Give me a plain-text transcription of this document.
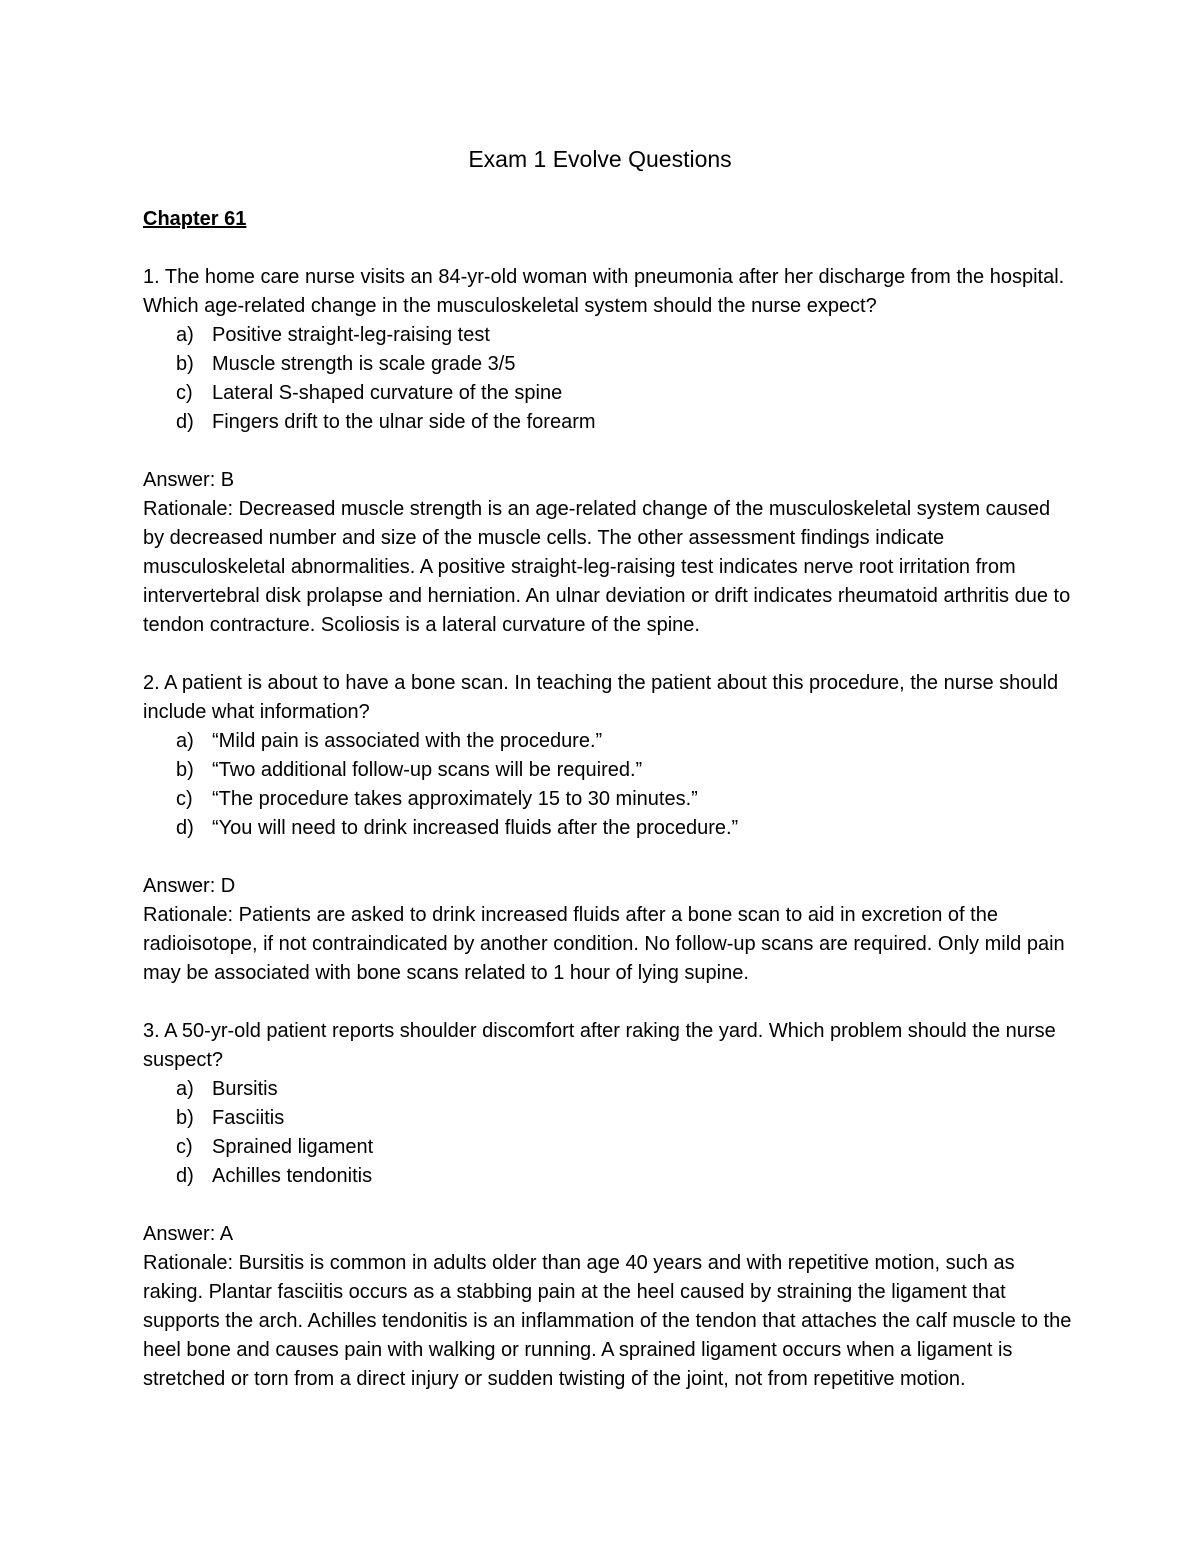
Exam 1 Evolve Questions
Chapter 61

1. The home care nurse visits an 84-yr-old woman with pneumonia after her discharge from the hospital. Which age-related change in the musculoskeletal system should the nurse expect?

a) Positive straight-leg-raising test
b) Muscle strength is scale grade 3/5
c) Lateral S-shaped curvature of the spine
d) Fingers drift to the ulnar side of the forearm

Answer: B

Rationale: Decreased muscle strength is an age-related change of the musculoskeletal system caused by decreased number and size of the muscle cells. The other assessment findings indicate musculoskeletal abnormalities. A positive straight-leg-raising test indicates nerve root irritation from intervertebral disk prolapse and herniation. An ulnar deviation or drift indicates rheumatoid arthritis due to tendon contracture. Scoliosis is a lateral curvature of the spine.

2. A patient is about to have a bone scan. In teaching the patient about this procedure, the nurse should include what information?

a) “Mild pain is associated with the procedure.”
b) “Two additional follow-up scans will be required.”
c) “The procedure takes approximately 15 to 30 minutes.”
d) “You will need to drink increased fluids after the procedure.”

Answer: D

Rationale: Patients are asked to drink increased fluids after a bone scan to aid in excretion of the radioisotope, if not contraindicated by another condition. No follow-up scans are required. Only mild pain may be associated with bone scans related to 1 hour of lying supine.

3. A 50-yr-old patient reports shoulder discomfort after raking the yard. Which problem should the nurse suspect?

a) Bursitis
b) Fasciitis
c) Sprained ligament
d) Achilles tendonitis

Answer: A

Rationale: Bursitis is common in adults older than age 40 years and with repetitive motion, such as raking. Plantar fasciitis occurs as a stabbing pain at the heel caused by straining the ligament that supports the arch. Achilles tendonitis is an inflammation of the tendon that attaches the calf muscle to the heel bone and causes pain with walking or running. A sprained ligament occurs when a ligament is stretched or torn from a direct injury or sudden twisting of the joint, not from repetitive motion.
